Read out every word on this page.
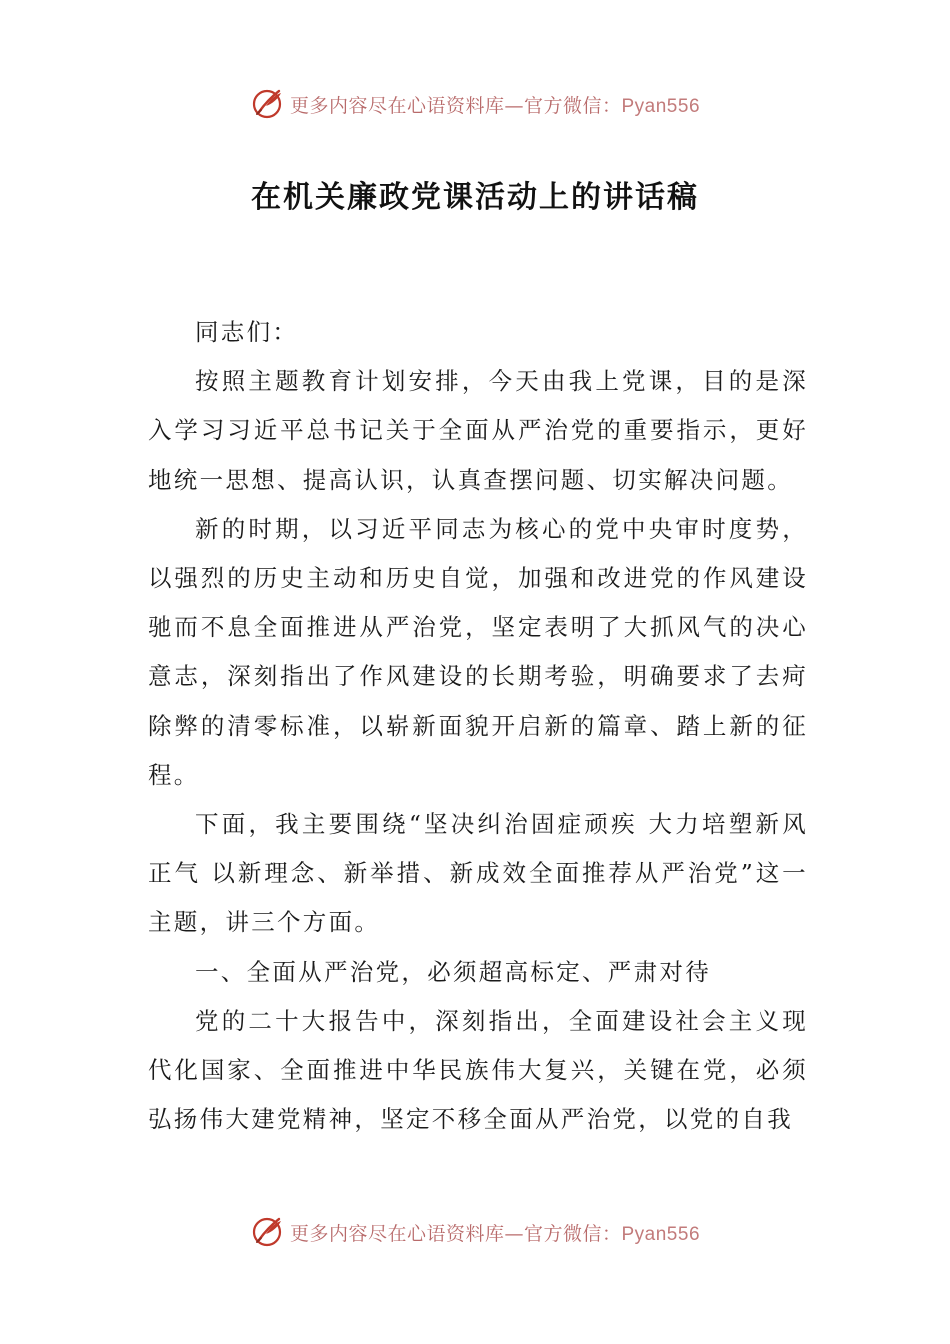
更多内容尽在心语资料库—官方微信：Pyan556
在机关廉政党课活动上的讲话稿

同志们：

按照主题教育计划安排，今天由我上党课，目的是深入学习习近平总书记关于全面从严治党的重要指示，更好地统一思想、提高认识，认真查摆问题、切实解决问题。

新的时期，以习近平同志为核心的党中央审时度势，以强烈的历史主动和历史自觉，加强和改进党的作风建设驰而不息全面推进从严治党，坚定表明了大抓风气的决心意志，深刻指出了作风建设的长期考验，明确要求了去疴除弊的清零标准，以崭新面貌开启新的篇章、踏上新的征程。

下面，我主要围绕“坚决纠治固症顽疾 大力培塑新风正气 以新理念、新举措、新成效全面推荐从严治党”这一主题，讲三个方面。

一、全面从严治党，必须超高标定、严肃对待

党的二十大报告中，深刻指出，全面建设社会主义现代化国家、全面推进中华民族伟大复兴，关键在党，必须弘扬伟大建党精神，坚定不移全面从严治党，以党的自我

更多内容尽在心语资料库—官方微信：Pyan556
